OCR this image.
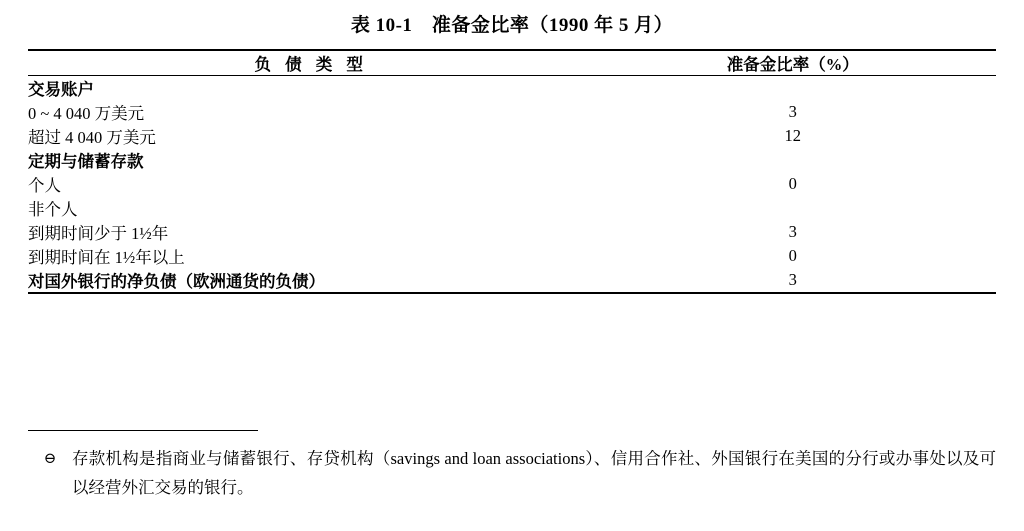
表 10-1　准备金比率（1990 年 5 月）

负 债 类 型	准备金比率（%）

交易账户	
0 ~ 4 040 万美元	3
超过 4 040 万美元	12
定期与储蓄存款	
个人	0
非个人	
到期时间少于 1½年	3
到期时间在 1½年以上	0
对国外银行的净负债（欧洲通货的负债）	3

⊖ 存款机构是指商业与储蓄银行、存贷机构（savings and loan associations）、信用合作社、外国银行在美国的分行或办事处以及可以经营外汇交易的银行。
